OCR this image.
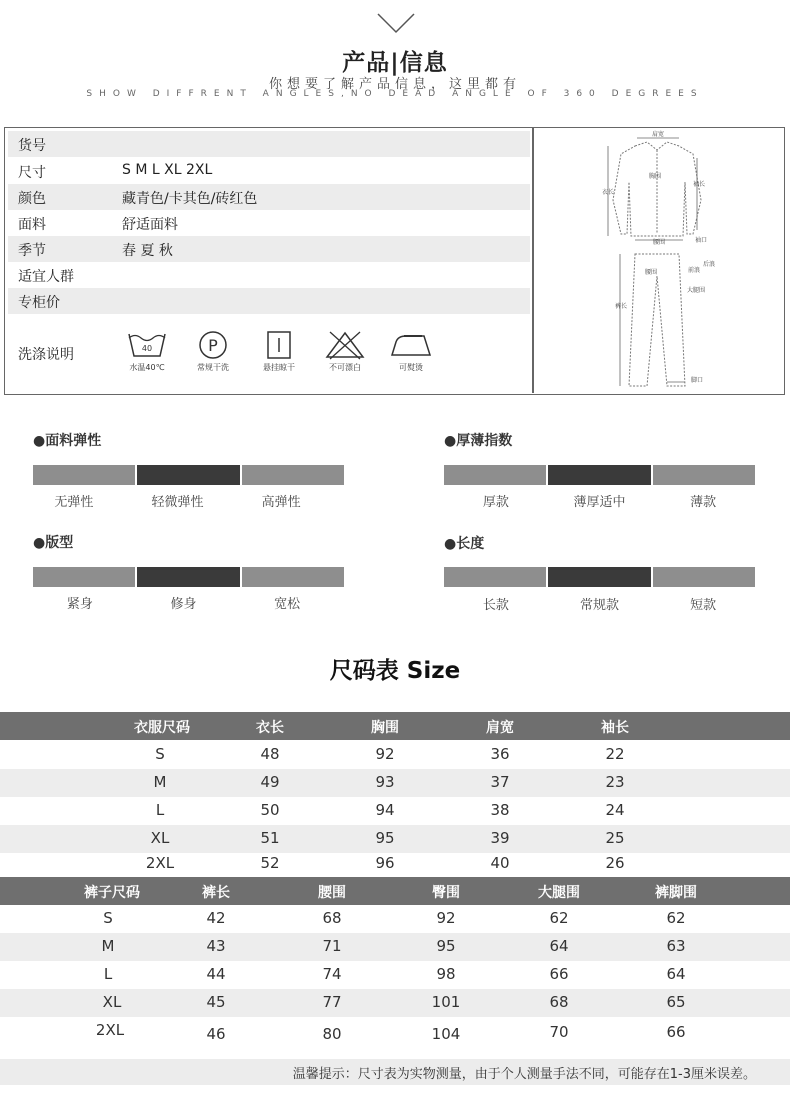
产品|信息
你想要了解产品信息，这里都有
SHOW DIFFRENT ANGLES,NO DEAD ANGLE OF 360 DEGREES
货号
尺寸	S M L XL 2XL
颜色	藏青色/卡其色/砖红色
面料	舒适面料
季节	春 夏 秋
适宜人群
专柜价
洗涤说明	40
水温40℃
P
常规干洗	悬挂晾干	不可漂白	可熨烫
肩宽
胸围
衣长
袖长
腰围	袖口
腰围	前浪
后浪
大腿围
裤长
脚口
●面料弹性
无弹性	轻微弹性	高弹性
●厚薄指数
厚款	薄厚适中	薄款
●版型
紧身	修身	宽松
●长度
长款	常规款	短款
尺码表 Size
衣服尺码	衣长	胸围	肩宽	袖长
S	48	92	36	22
M	49	93	37	23
L	50	94	38	24
XL	51	95	39	25
2XL	52	96	40	26
裤子尺码	裤长	腰围	臀围	大腿围	裤脚围
S	42	68	92	62	62
M	43	71	95	64	63
L	44	74	98	66	64
XL	45	77	101	68	65
2XL	46	80	104	70	66
温馨提示：尺寸表为实物测量，由于个人测量手法不同，可能存在1-3厘米误差。
